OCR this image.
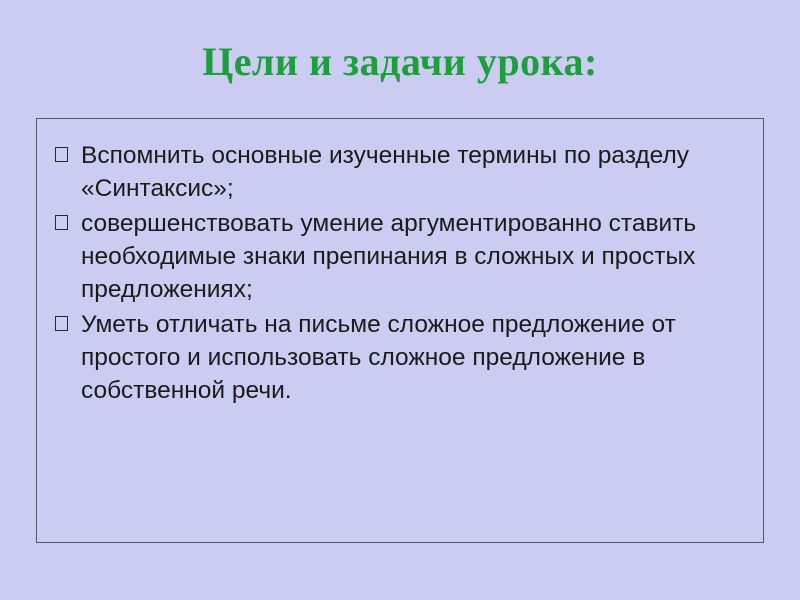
Цели и задачи урока:
Вспомнить основные изученные термины по разделу «Синтаксис»;
совершенствовать умение аргументированно ставить необходимые знаки препинания в сложных и простых предложениях;
Уметь отличать на письме сложное предложение от простого и использовать сложное предложение в собственной речи.
